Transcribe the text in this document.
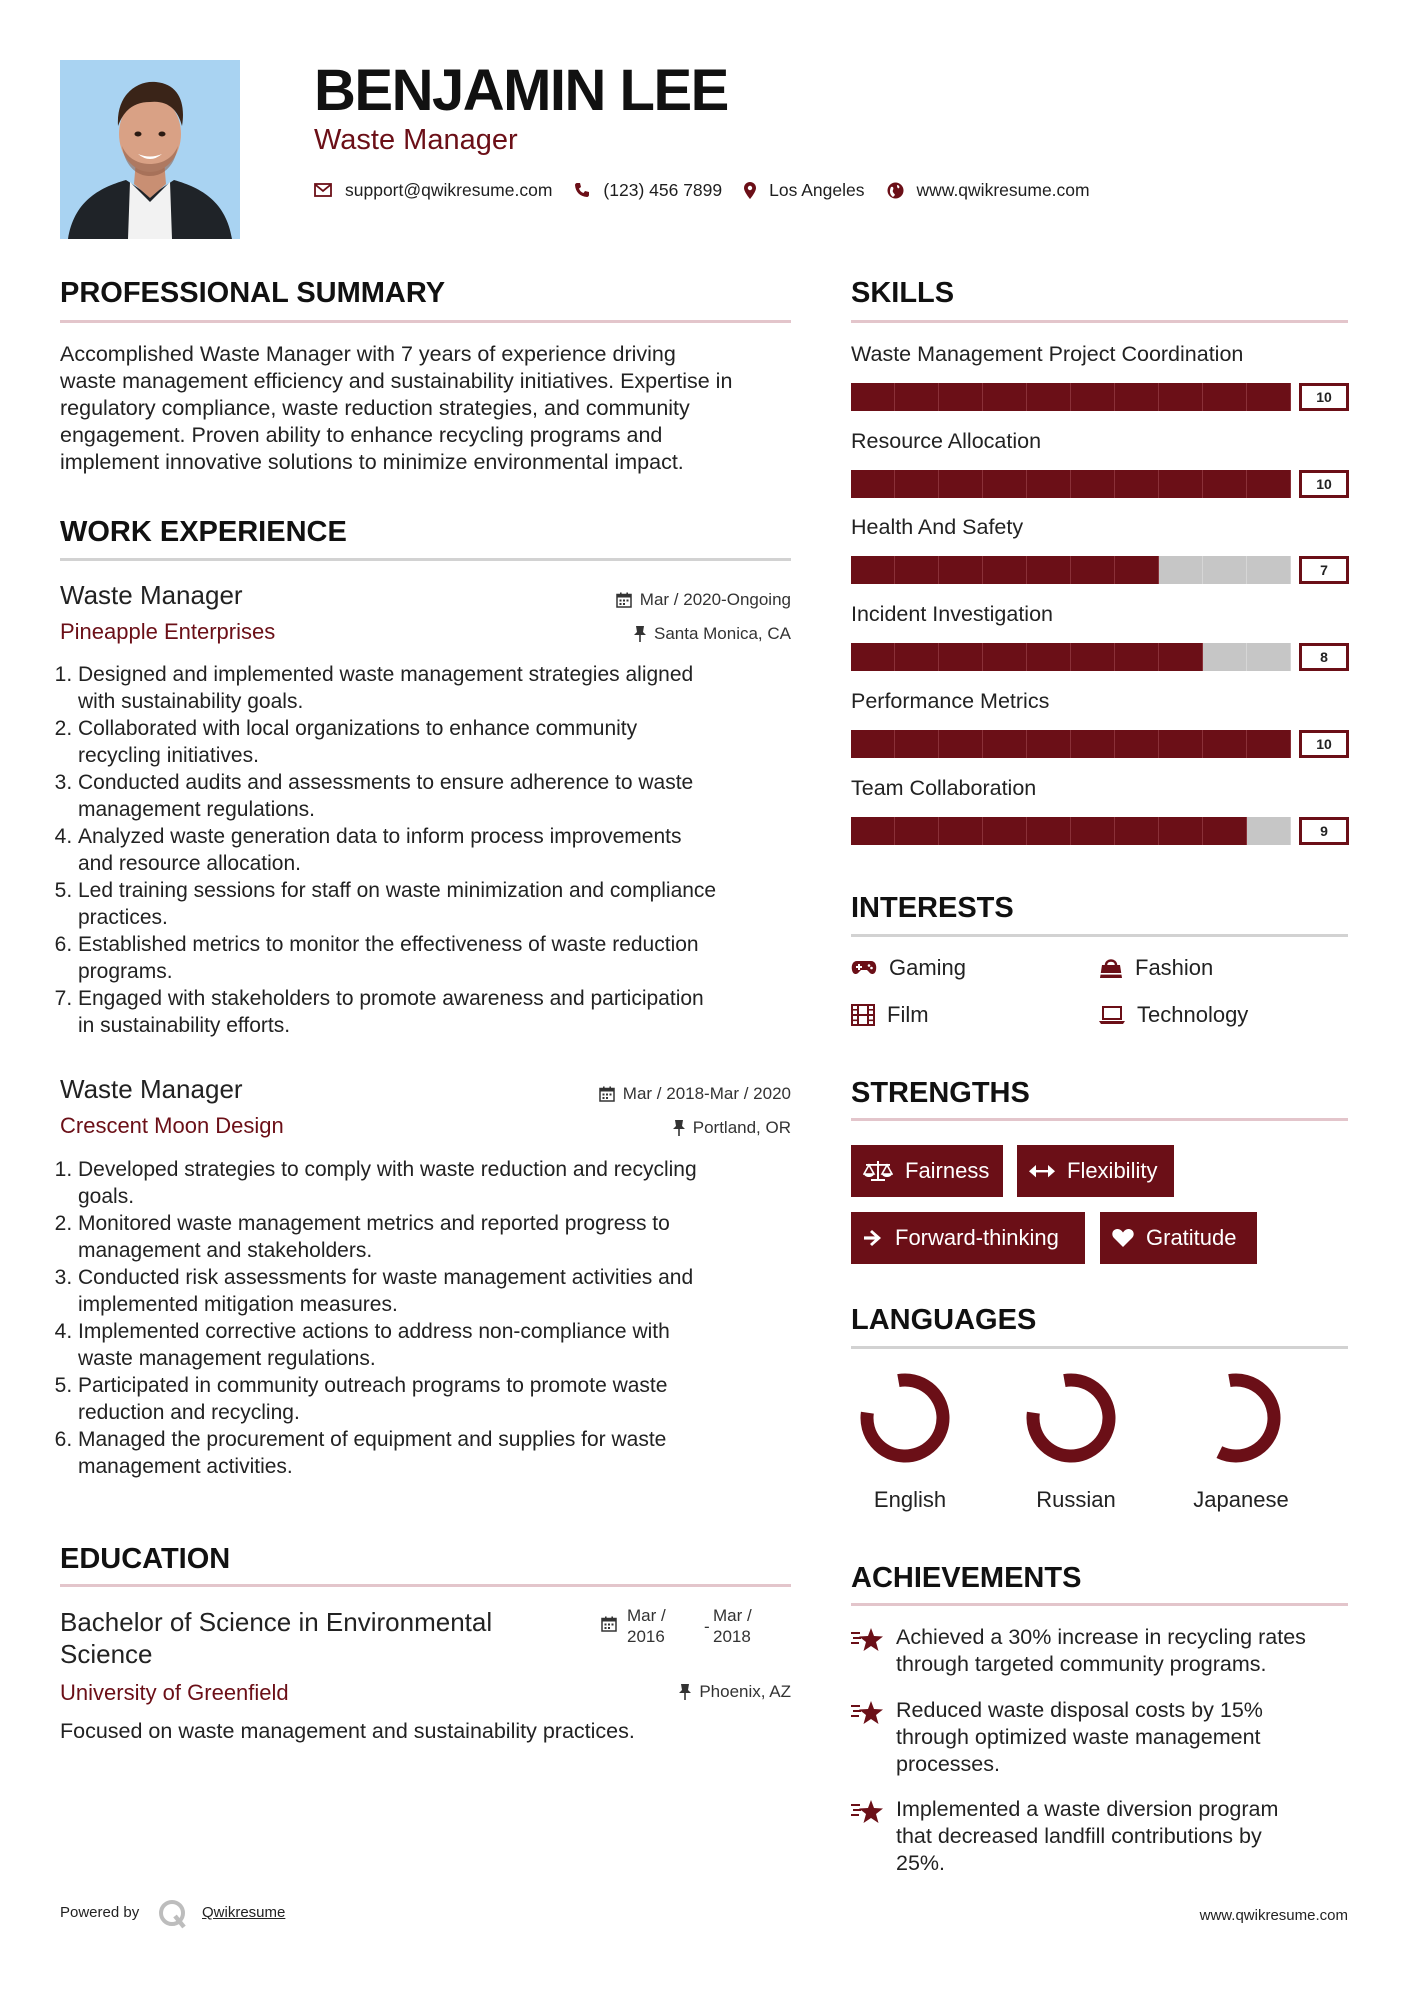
BENJAMIN LEE
Waste Manager
support@qwikresume.com	(123) 456 7899	Los Angeles	www.qwikresume.com
PROFESSIONAL SUMMARY
Accomplished Waste Manager with 7 years of experience driving
waste management efficiency and sustainability initiatives. Expertise in
regulatory compliance, waste reduction strategies, and community
engagement. Proven ability to enhance recycling programs and
implement innovative solutions to minimize environmental impact.
WORK EXPERIENCE
Waste Manager
Pineapple Enterprises
Mar / 2020-Ongoing
Santa Monica, CA
1. Designed and implemented waste management strategies aligned
with sustainability goals.
2. Collaborated with local organizations to enhance community
recycling initiatives.
3. Conducted audits and assessments to ensure adherence to waste
management regulations.
4. Analyzed waste generation data to inform process improvements
and resource allocation.
5. Led training sessions for staff on waste minimization and compliance
practices.
6. Established metrics to monitor the effectiveness of waste reduction
programs.
7. Engaged with stakeholders to promote awareness and participation
in sustainability efforts.
Waste Manager
Crescent Moon Design
Mar / 2018-Mar / 2020
Portland, OR
1. Developed strategies to comply with waste reduction and recycling
goals.
2. Monitored waste management metrics and reported progress to
management and stakeholders.
3. Conducted risk assessments for waste management activities and
implemented mitigation measures.
4. Implemented corrective actions to address non-compliance with
waste management regulations.
5. Participated in community outreach programs to promote waste
reduction and recycling.
6. Managed the procurement of equipment and supplies for waste
management activities.
EDUCATION
Bachelor of Science in Environmental
Science
Mar /
2016
-
Mar /
2018
University of Greenfield	Phoenix, AZ
Focused on waste management and sustainability practices.
SKILLS
Waste Management Project Coordination
10
Resource Allocation
10
Health And Safety
7
Incident Investigation
8
Performance Metrics
10
Team Collaboration
9
INTERESTS
Gaming	Fashion
Film	Technology
STRENGTHS
Fairness	Flexibility
Forward-thinking	Gratitude
LANGUAGES
English	Russian	Japanese
ACHIEVEMENTS
Achieved a 30% increase in recycling rates
through targeted community programs.
Reduced waste disposal costs by 15%
through optimized waste management
processes.
Implemented a waste diversion program
that decreased landfill contributions by
25%.
Powered by	Qwikresume	www.qwikresume.com
